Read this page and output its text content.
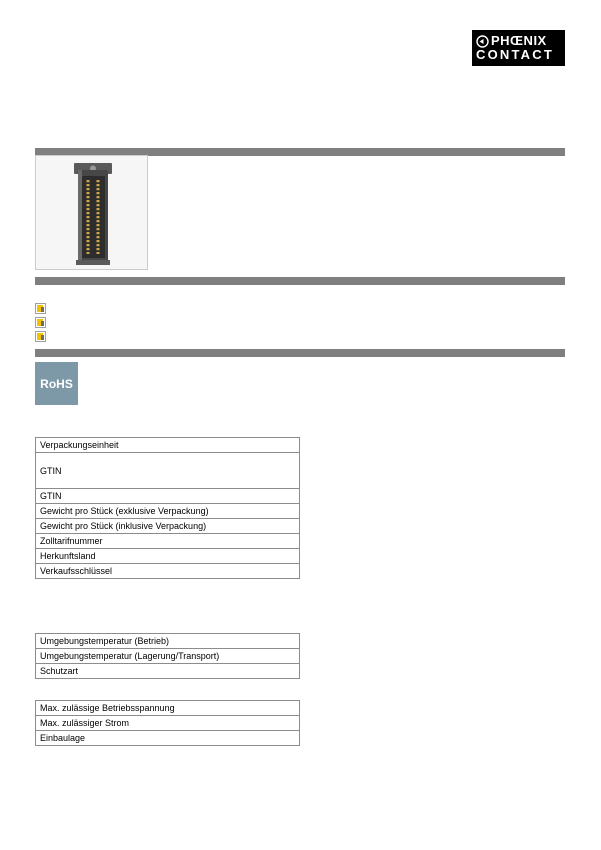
PHŒNIX
CONTACT
RoHS
Verpackungseinheit
GTIN
GTIN
Gewicht pro Stück (exklusive Verpackung)
Gewicht pro Stück (inklusive Verpackung)
Zolltarifnummer
Herkunftsland
Verkaufsschlüssel
Umgebungstemperatur (Betrieb)
Umgebungstemperatur (Lagerung/Transport)
Schutzart
Max. zulässige Betriebsspannung
Max. zulässiger Strom
Einbaulage
